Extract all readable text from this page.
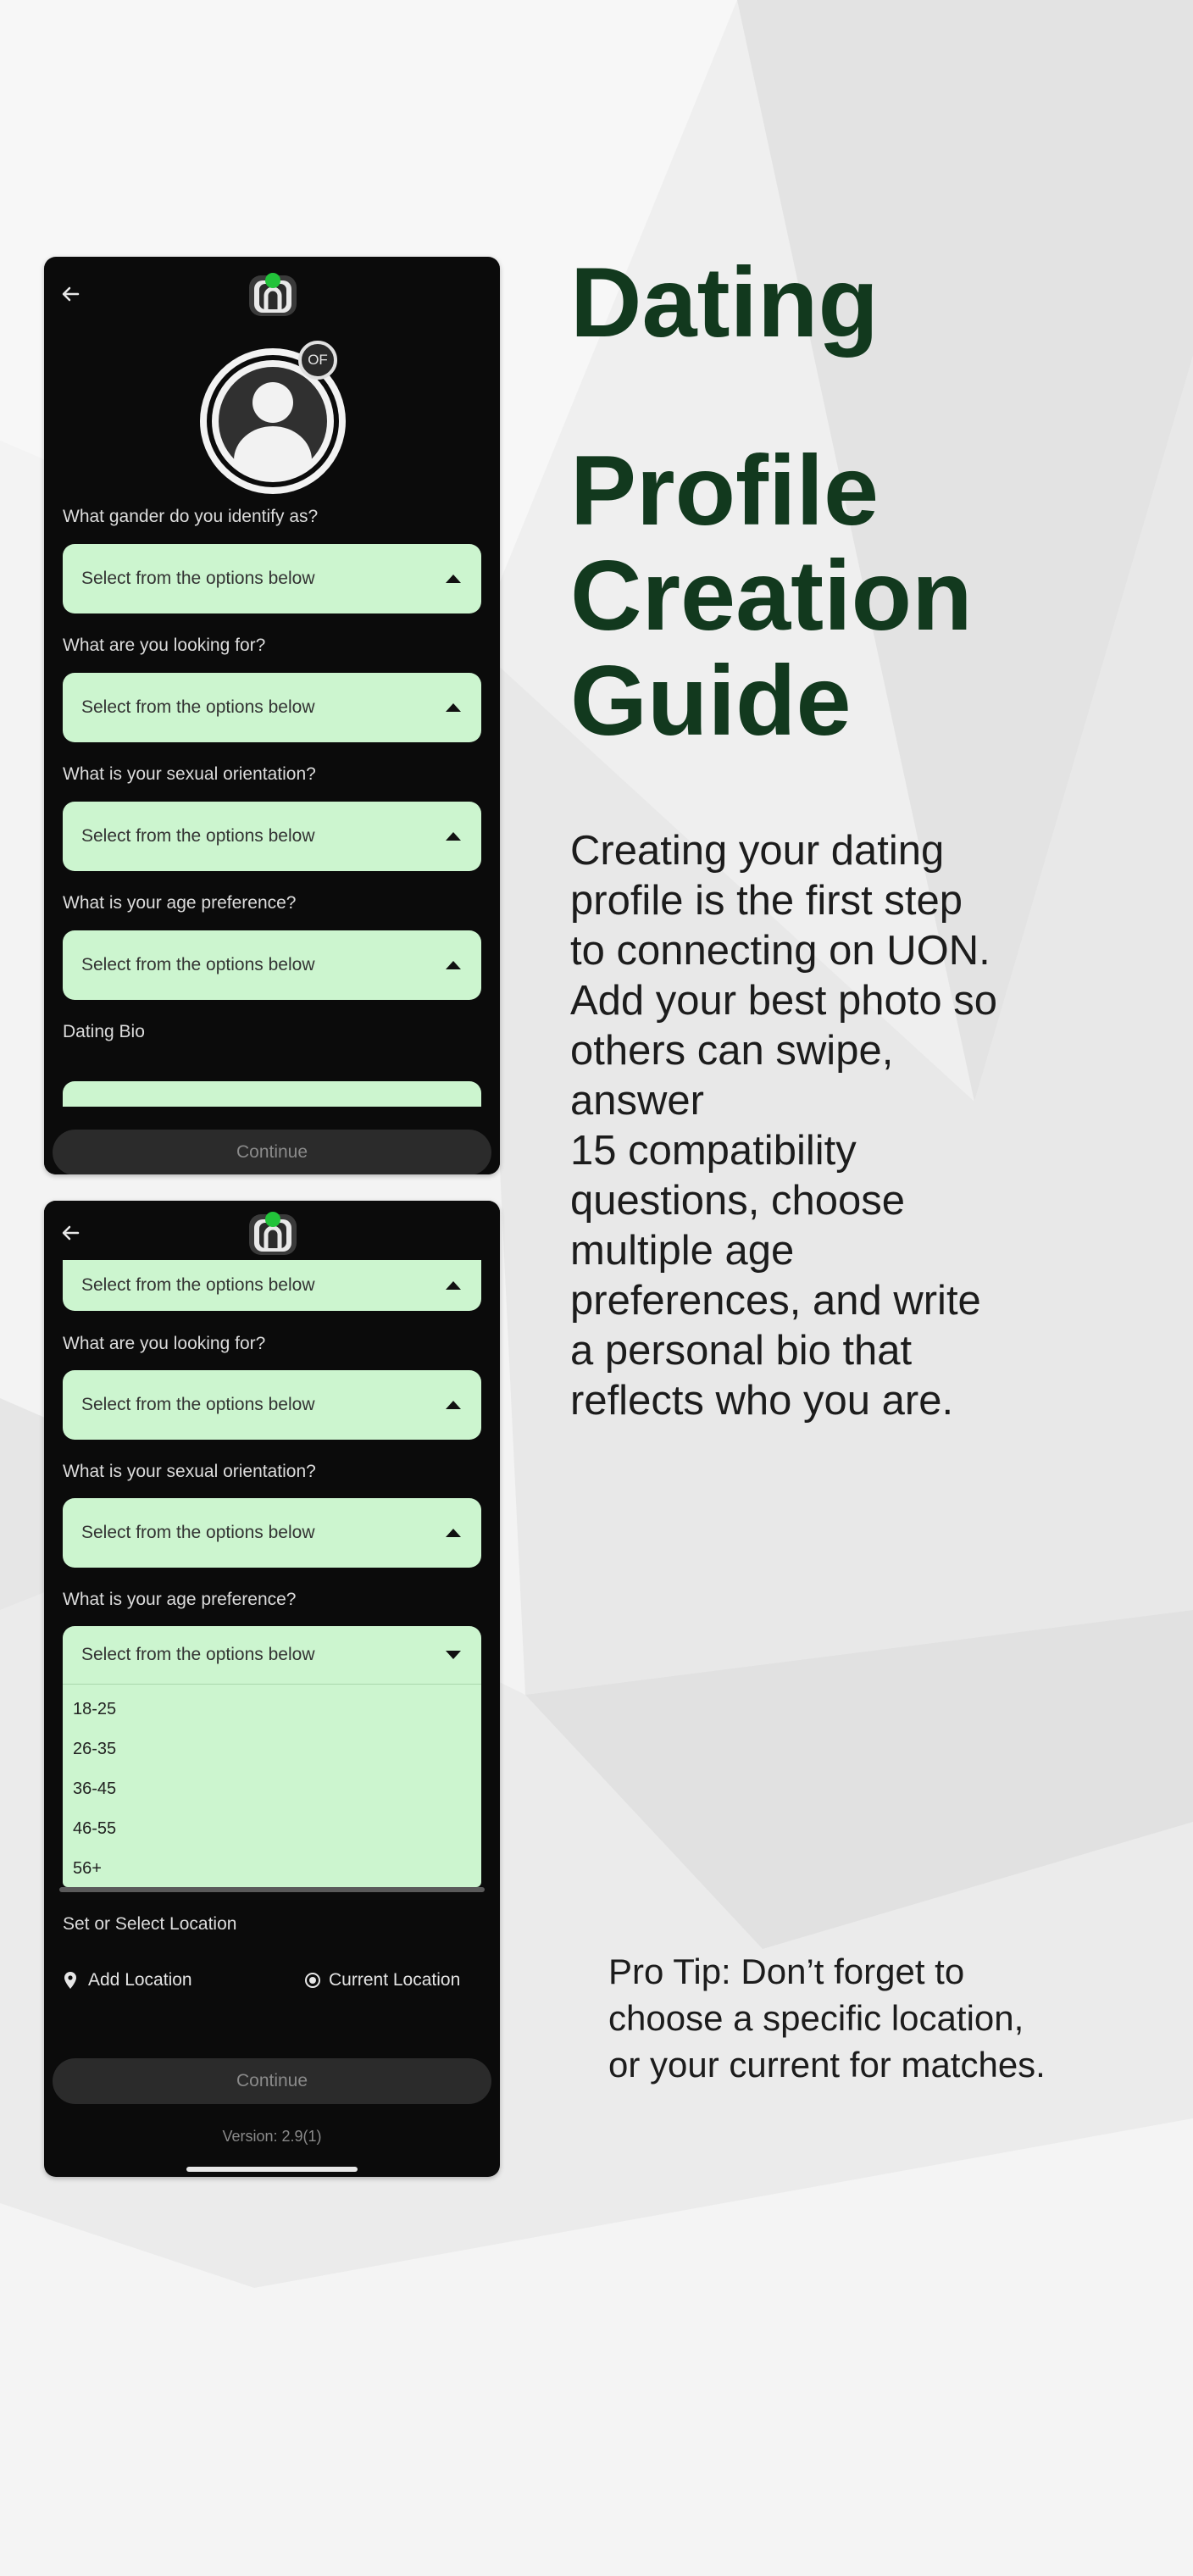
OF
What gander do you identify as?
Select from the options below
What are you looking for?
Select from the options below
What is your sexual orientation?
Select from the options below
What is your age preference?
Select from the options below
Dating Bio
Continue
Select from the options below
What are you looking for?
Select from the options below
What is your sexual orientation?
Select from the options below
What is your age preference?
Select from the options below
18-25
26-35
36-45
46-55
56+
Set or Select Location
Add Location	Current Location
Continue
Version: 2.9(1)
Dating
Profile
Creation
Guide
Creating your dating
profile is the first step
to connecting on UON.
Add your best photo so
others can swipe,
answer
15 compatibility
questions, choose
multiple age
preferences, and write
a personal bio that
reflects who you are.
Pro Tip: Don’t forget to
choose a specific location,
or your current for matches.
